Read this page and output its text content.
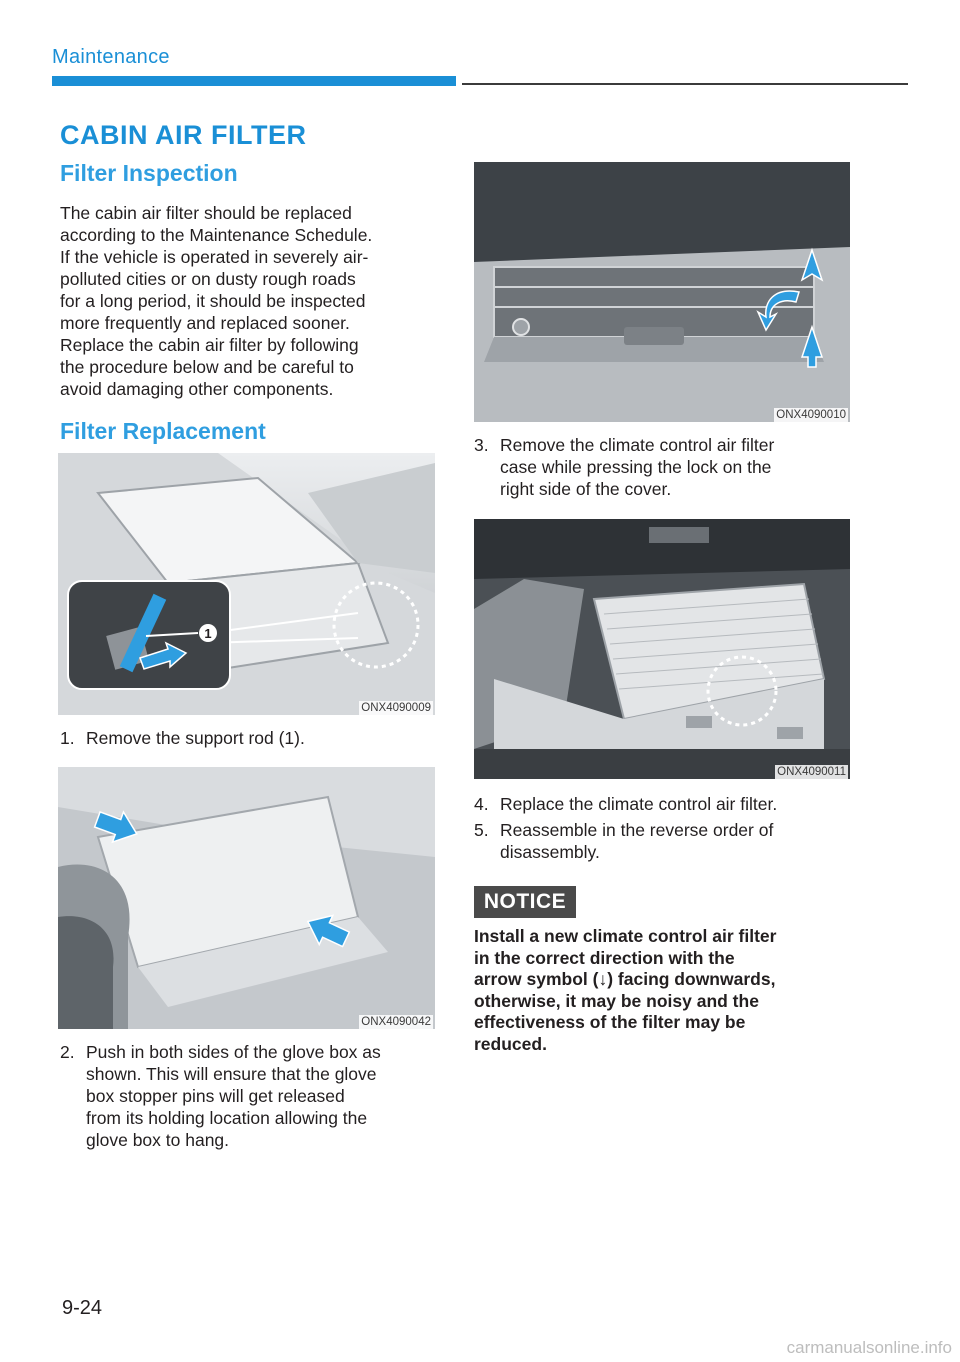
Maintenance
CABIN AIR FILTER
Filter Inspection
The cabin air filter should be replaced
according to the Maintenance Schedule.
If the vehicle is operated in severely air-
polluted cities or on dusty rough roads
for a long period, it should be inspected
more frequently and replaced sooner.
Replace the cabin air filter by following
the procedure below and be careful to
avoid damaging other components.
Filter Replacement
1
ONX4090009
1. Remove the support rod (1).
ONX4090042
2. Push in both sides of the glove box as
shown. This will ensure that the glove
box stopper pins will get released
from its holding location allowing the
glove box to hang.
ONX4090010
3. Remove the climate control air filter
case while pressing the lock on the
right side of the cover.
ONX4090011
4. Replace the climate control air filter.
5. Reassemble in the reverse order of
disassembly.
NOTICE
Install a new climate control air filter
in the correct direction with the
arrow symbol (↓) facing downwards,
otherwise, it may be noisy and the
effectiveness of the filter may be
reduced.
9-24
carmanualsonline.info
